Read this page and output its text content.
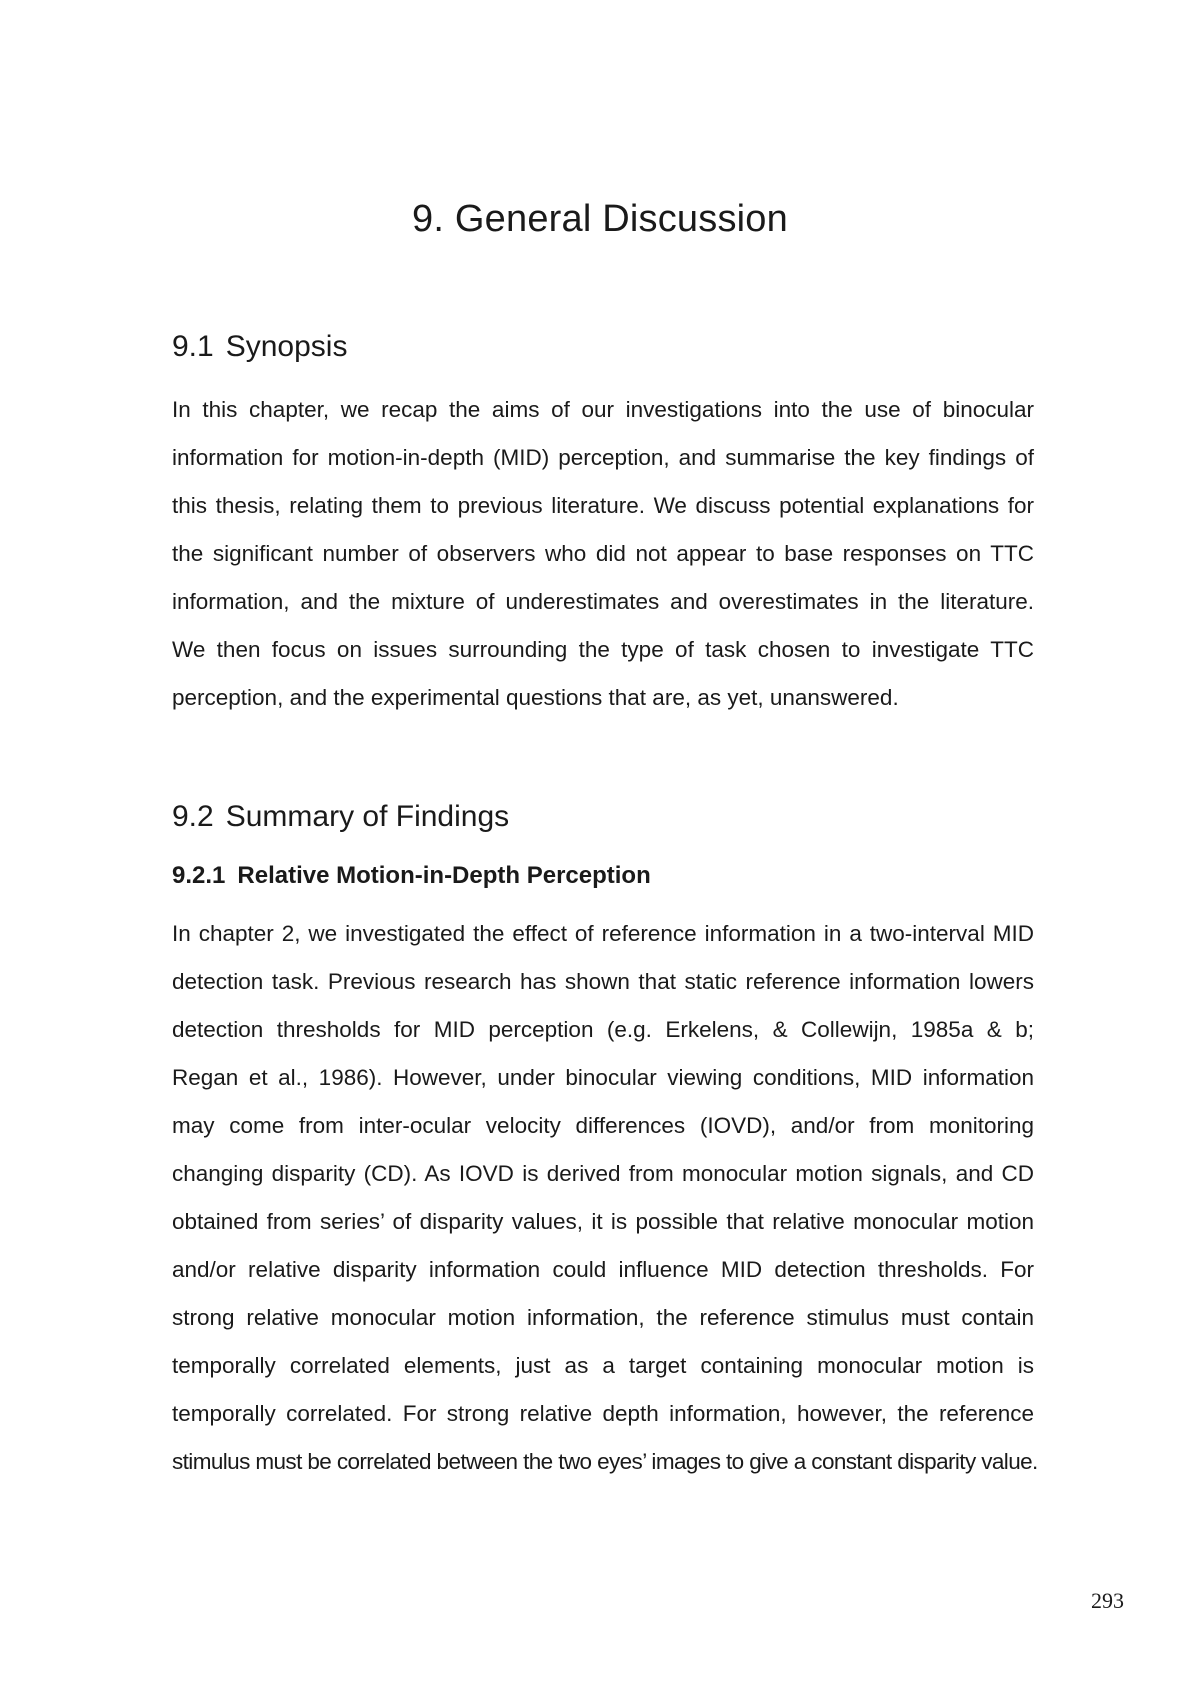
9. General Discussion
9.1 Synopsis
In this chapter, we recap the aims of our investigations into the use of binocular
information for motion-in-depth (MID) perception, and summarise the key findings of
this thesis, relating them to previous literature. We discuss potential explanations for
the significant number of observers who did not appear to base responses on TTC
information, and the mixture of underestimates and overestimates in the literature.
We then focus on issues surrounding the type of task chosen to investigate TTC
perception, and the experimental questions that are, as yet, unanswered.
9.2 Summary of Findings
9.2.1 Relative Motion-in-Depth Perception
In chapter 2, we investigated the effect of reference information in a two-interval MID
detection task. Previous research has shown that static reference information lowers
detection thresholds for MID perception (e.g. Erkelens, & Collewijn, 1985a & b;
Regan et al., 1986). However, under binocular viewing conditions, MID information
may come from inter-ocular velocity differences (IOVD), and/or from monitoring
changing disparity (CD). As IOVD is derived from monocular motion signals, and CD
obtained from series’ of disparity values, it is possible that relative monocular motion
and/or relative disparity information could influence MID detection thresholds. For
strong relative monocular motion information, the reference stimulus must contain
temporally correlated elements, just as a target containing monocular motion is
temporally correlated. For strong relative depth information, however, the reference
stimulus must be correlated between the two eyes’ images to give a constant disparity value.
293
